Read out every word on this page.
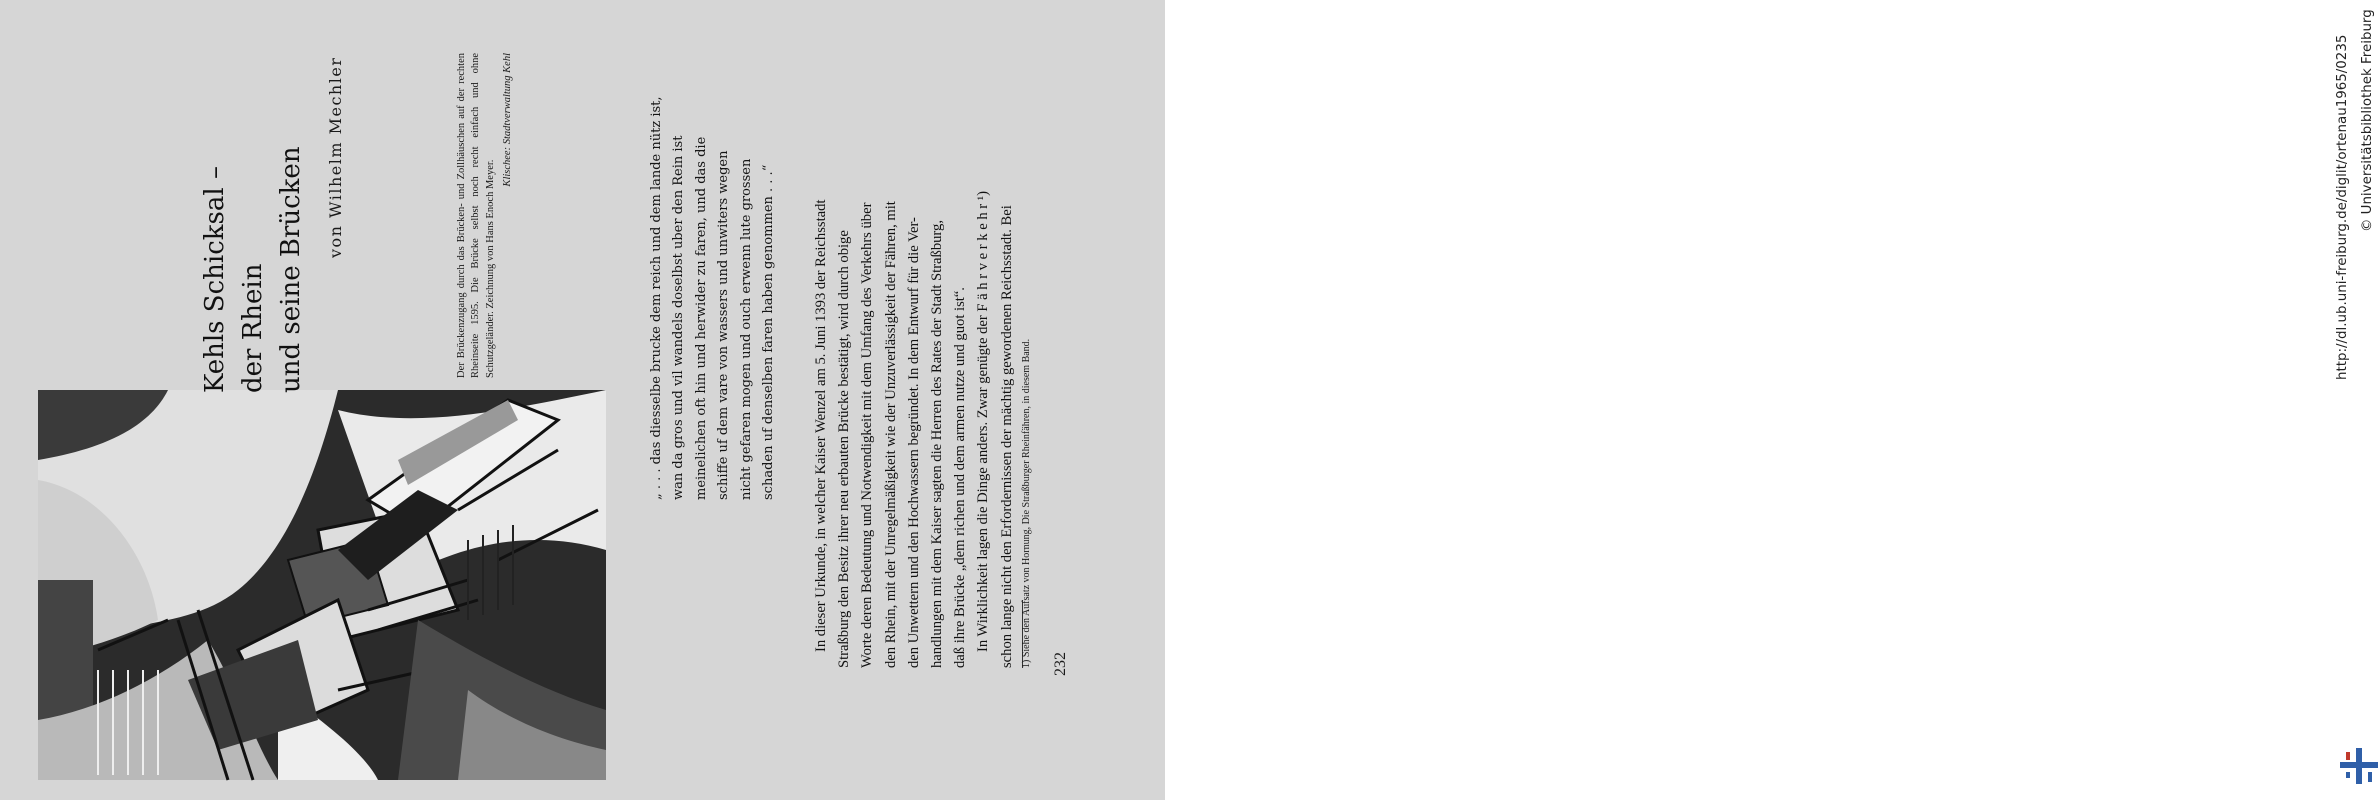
Kehls Schicksal – der Rhein und seine Brücken von Wilhelm Mechler	Der Brückenzugang durch das Brücken- und Zollhäuschen auf der rechten Rheinseite 1595. Die Brücke selbst noch recht einfach und ohne Schutzgeländer. Zeichnung von Hans Enoch Meyer.
Klischee: Stadtverwaltung Kehl	„ . . . das diesselbe brucke dem reich und dem lande nütz ist, wan da gros und vil wandels doselbst uber den Rein ist meinelichen oft hin und herwider zu faren, und das die schiffe uf dem vare von wassers und unwiters wegen nicht gefaren mogen und ouch erwenn lute grossen schaden uf denselben faren haben genommen . . .“	In dieser Urkunde, in welcher Kaiser Wenzel am 5. Juni 1393 der Reichsstadt Straßburg den Besitz ihrer neu erbauten Brücke bestätigt, wird durch obige Worte deren Bedeutung und Notwendigkeit mit dem Umfang des Verkehrs über den Rhein, mit der Unregelmäßigkeit wie der Unzuverlässigkeit der Fähren, mit den Unwettern und den Hochwassern begründet. In dem Entwurf für die Ver- handlungen mit dem Kaiser sagten die Herren des Rates der Stadt Straßburg, daß ihre Brücke „dem richen und dem armen nutze und guot ist“. In Wirklichkeit lagen die Dinge anders. Zwar genügte der F ä h r v e r k e h r ¹) schon lange nicht den Erfordernissen der mächtig gewordenen Reichsstadt. Bei 1) Siehe den Aufsatz von Hornung, Die Straßburger Rheinfähren, in diesem Band. 232
http://dl.ub.uni-freiburg.de/diglit/ortenau1965/0235 © Universitätsbibliothek Freiburg
